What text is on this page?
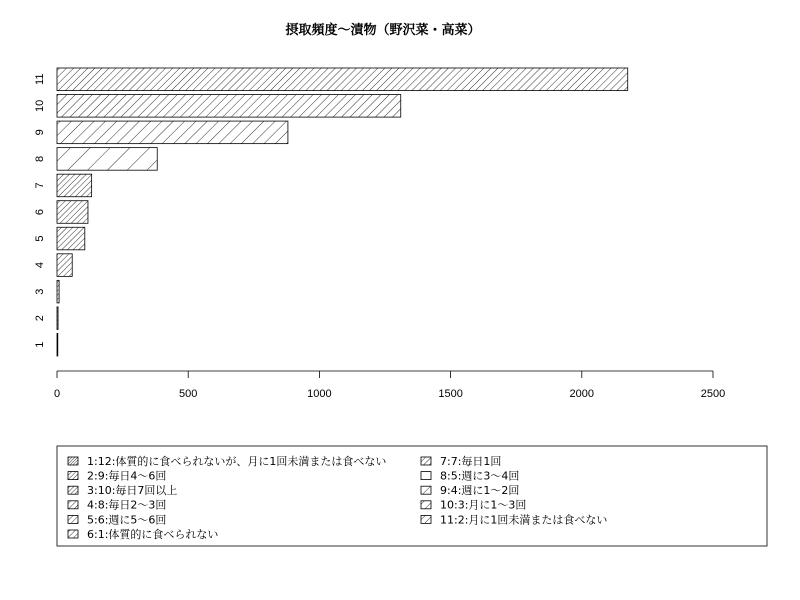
摂取頻度～漬物（野沢菜・高菜）
1
2
3
4
5
6
7
8
9
10
11
0	500	1000	1500	2000	2500
1:12:体質的に食べられないが、月に1回未満または食べない
2:9:毎日4～6回
3:10:毎日7回以上
4:8:毎日2～3回
5:6:週に5～6回
6:1:体質的に食べられない
7:7:毎日1回
8:5:週に3～4回
9:4:週に1～2回
10:3:月に1～3回
11:2:月に1回未満または食べない
